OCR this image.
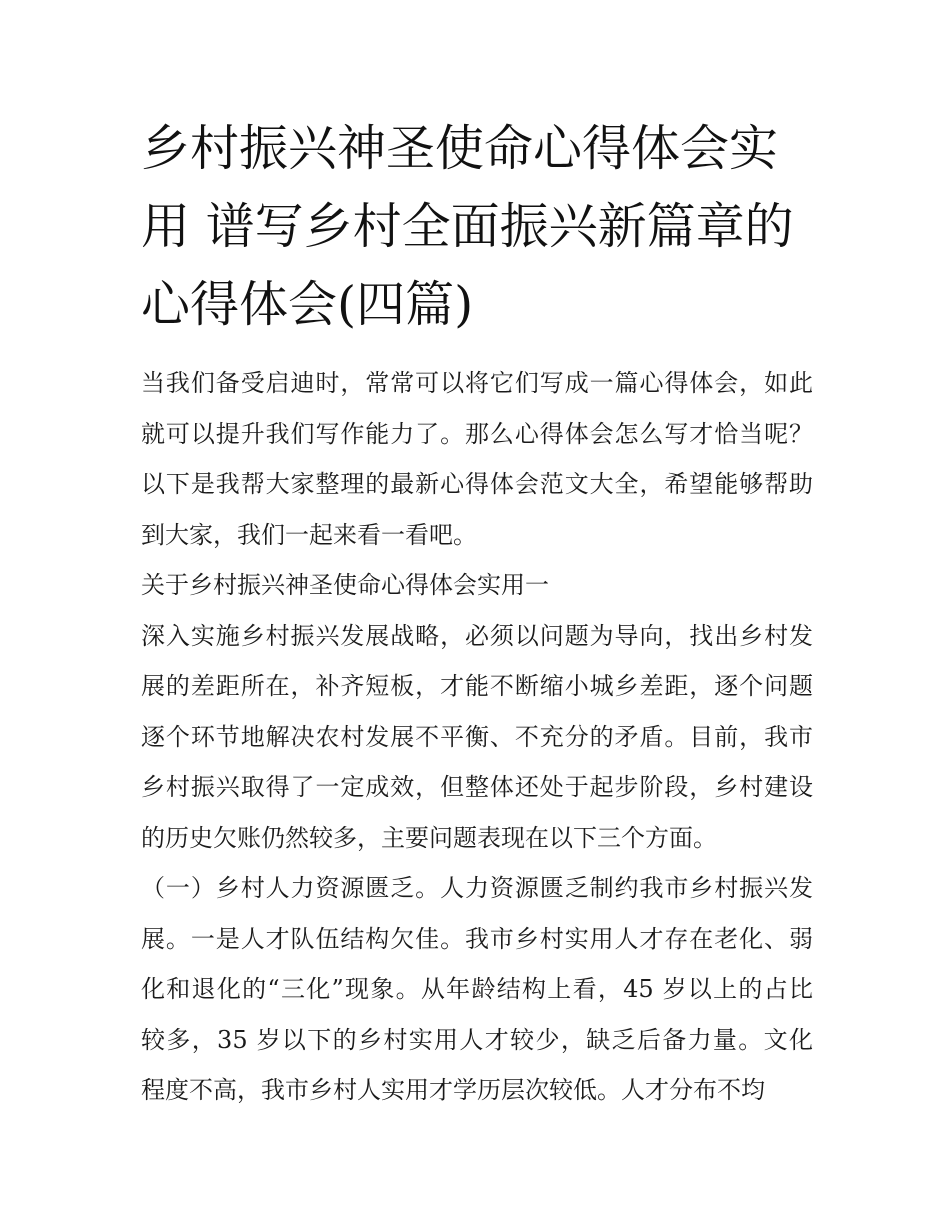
乡村振兴神圣使命心得体会实
用 谱写乡村全面振兴新篇章的
心得体会(四篇)

当我们备受启迪时，常常可以将它们写成一篇心得体会，如此
就可以提升我们写作能力了。那么心得体会怎么写才恰当呢？
以下是我帮大家整理的最新心得体会范文大全，希望能够帮助
到大家，我们一起来看一看吧。

关于乡村振兴神圣使命心得体会实用一

深入实施乡村振兴发展战略，必须以问题为导向，找出乡村发
展的差距所在，补齐短板，才能不断缩小城乡差距，逐个问题
逐个环节地解决农村发展不平衡、不充分的矛盾。目前，我市
乡村振兴取得了一定成效，但整体还处于起步阶段，乡村建设
的历史欠账仍然较多，主要问题表现在以下三个方面。

（一）乡村人力资源匮乏。人力资源匮乏制约我市乡村振兴发
展。一是人才队伍结构欠佳。我市乡村实用人才存在老化、弱
化和退化的“三化”现象。从年龄结构上看，45 岁以上的占比
较多，35 岁以下的乡村实用人才较少，缺乏后备力量。文化
程度不高，我市乡村人实用才学历层次较低。人才分布不均
